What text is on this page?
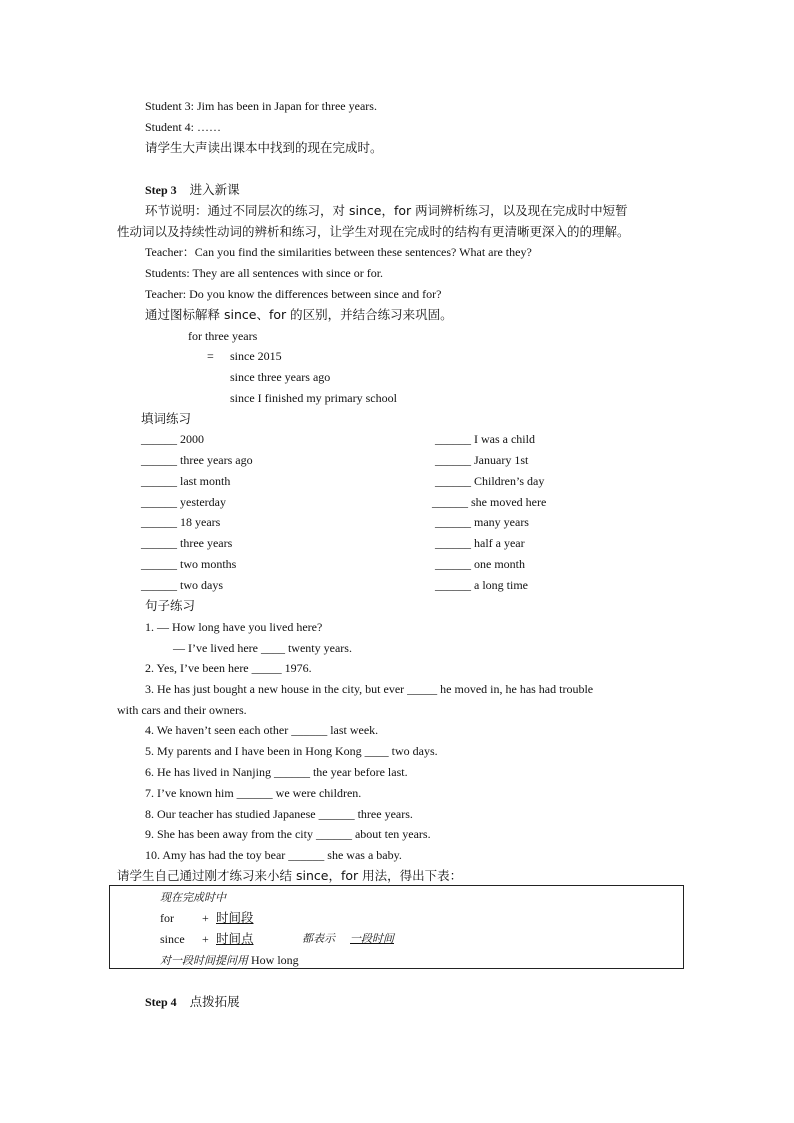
Student 3: Jim has been in Japan for three years.
Student 4: ……
请学生大声读出课本中找到的现在完成时。
Step 3 进入新课
环节说明：通过不同层次的练习，对 since，for 两词辨析练习，以及现在完成时中短暂
性动词以及持续性动词的辨析和练习，让学生对现在完成时的结构有更清晰更深入的的理解。
Teacher：Can you find the similarities between these sentences? What are they?
Students: They are all sentences with since or for.
Teacher: Do you know the differences between since and for?
通过图标解释 since、for 的区别，并结合练习来巩固。
for three years
= since 2015
since three years ago
since I finished my primary school
填词练习
______ 2000
______ three years ago
______ last month
______ yesterday
______ 18 years
______ three years
______ two months
______ two days
______ I was a child
______ January 1st
______ Children’s day
______ she moved here
______ many years
______ half a year
______ one month
______ a long time
句子练习
1. — How long have you lived here?
— I’ve lived here ____ twenty years.
2. Yes, I’ve been here _____ 1976.
3. He has just bought a new house in the city, but ever _____ he moved in, he has had trouble
with cars and their owners.
4. We haven’t seen each other ______ last week.
5. My parents and I have been in Hong Kong ____ two days.
6. He has lived in Nanjing ______ the year before last.
7. I’ve known him ______ we were children.
8. Our teacher has studied Japanese ______ three years.
9. She has been away from the city ______ about ten years.
10. Amy has had the toy bear ______ she was a baby.
请学生自己通过刚才练习来小结 since，for 用法，得出下表：
现在完成时中
for + 时间段
since + 时间点	都表示 一段时间
对一段时间提问用 How long
Step 4 点拨拓展
